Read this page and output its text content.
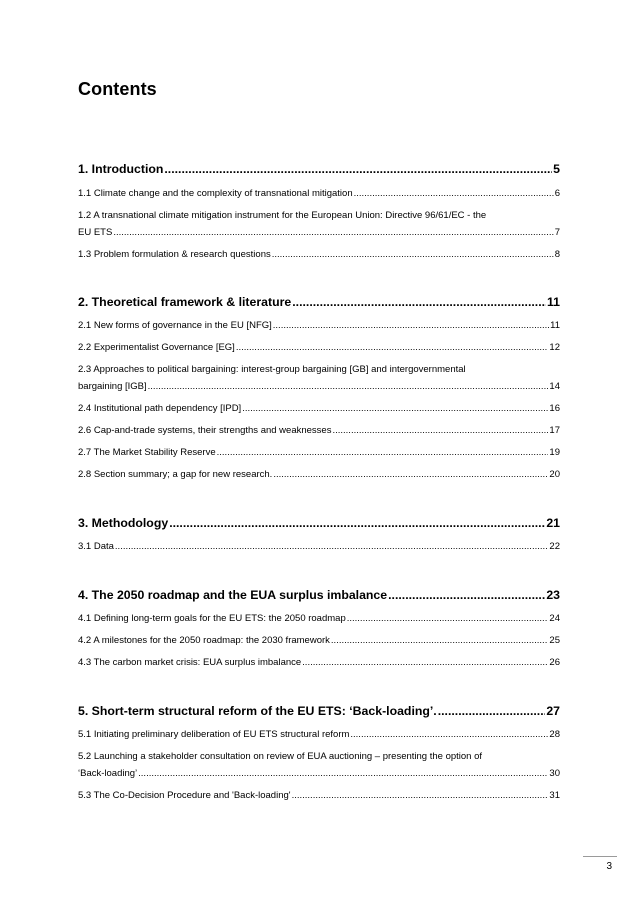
Contents
1. Introduction .....	5
1.1 Climate change and the complexity of transnational mitigation .....	6
1.2 A transnational climate mitigation instrument for the European Union: Directive 96/61/EC - the
EU ETS .....	7
1.3 Problem formulation & research questions .....	8
2. Theoretical framework & literature .....	11
2.1 New forms of governance in the EU [NFG] .....	11
2.2 Experimentalist Governance [EG] .....	12
2.3 Approaches to political bargaining: interest-group bargaining [GB] and intergovernmental
bargaining [IGB] .....	14
2.4 Institutional path dependency [IPD] .....	16
2.6 Cap-and-trade systems, their strengths and weaknesses .....	17
2.7 The Market Stability Reserve .....	19
2.8 Section summary; a gap for new research. .....	20
3. Methodology .....	21
3.1 Data .....	22
4. The 2050 roadmap and the EUA surplus imbalance .....	23
4.1 Defining long-term goals for the EU ETS: the 2050 roadmap .....	24
4.2 A milestones for the 2050 roadmap: the 2030 framework .....	25
4.3 The carbon market crisis: EUA surplus imbalance .....	26
5. Short-term structural reform of the EU ETS: ‘Back-loading’. .....	27
5.1 Initiating preliminary deliberation of EU ETS structural reform .....	28
5.2 Launching a stakeholder consultation on review of EUA auctioning – presenting the option of
‘Back-loading’ .....	30
5.3 The Co-Decision Procedure and 'Back-loading' .....	31
3
